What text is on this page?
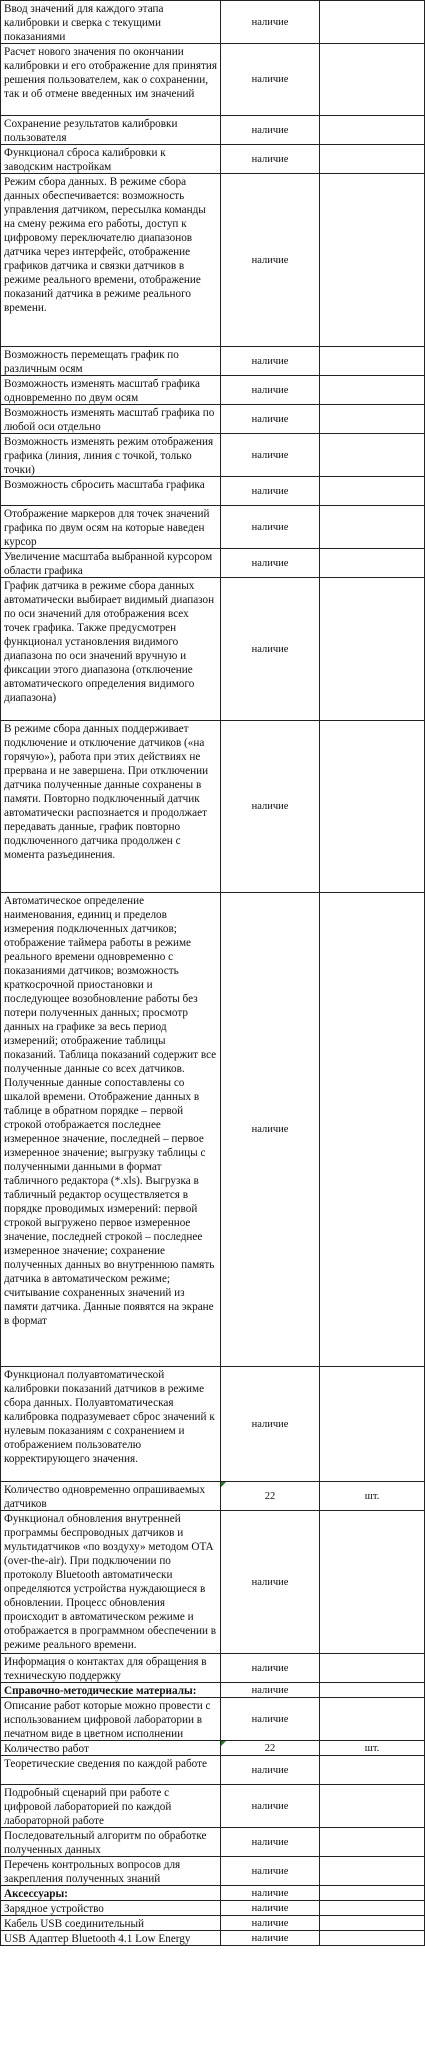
Ввод значений для каждого этапа калибровки и сверка с текущими показаниями	наличие	

Расчет нового значения по окончании калибровки и его отображение для принятия решения пользователем, как о сохранении, так и об отмене введенных им значений	наличие	

Сохранение результатов калибровки пользователя	наличие	

Функционал сброса калибровки к заводским настройкам	наличие	

Режим сбора данных. В режиме сбора данных обеспечивается: возможность управления датчиком, пересылка команды на смену режима его работы, доступ к цифровому переключателю диапазонов датчика через интерфейс, отображение графиков датчика и связки датчиков в режиме реального времени, отображение показаний датчика в режиме реального времени.	наличие	

Возможность перемещать график по различным осям	наличие	

Возможность изменять масштаб графика одновременно по двум осям	наличие	

Возможность изменять масштаб графика по любой оси отдельно	наличие	

Возможность изменять режим отображения графика (линия, линия с точкой, только точки)	наличие	

Возможность сбросить масштаба графика	наличие	

Отображение маркеров для точек значений графика по двум осям на которые наведен курсор	наличие	

Увеличение масштаба выбранной курсором области графика	наличие	

График датчика в режиме сбора данных автоматически выбирает видимый диапазон по оси значений для отображения всех точек графика. Также предусмотрен функционал установления видимого диапазона по оси значений вручную и фиксации этого диапазона (отключение автоматического определения видимого диапазона)	наличие	

В режиме сбора данных поддерживает подключение и отключение датчиков («на горячую»), работа при этих действиях не прервана и не завершена. При отключении датчика полученные данные сохранены в памяти. Повторно подключенный датчик автоматически распознается и продолжает передавать данные, график повторно подключенного датчика продолжен с момента разъединения.	наличие	

Автоматическое определение наименования, единиц и пределов измерения подключенных датчиков; отображение таймера работы в режиме реального времени одновременно с показаниями датчиков; возможность краткосрочной приостановки и последующее возобновление работы без потери полученных данных; просмотр данных на графике за весь период измерений; отображение таблицы показаний. Таблица показаний содержит все полученные данные со всех датчиков. Полученные данные сопоставлены со шкалой времени. Отображение данных в таблице в обратном порядке – первой строкой отображается последнее измеренное значение, последней – первое измеренное значение; выгрузку таблицы с полученными данными в формат табличного редактора (*.xls). Выгрузка в табличный редактор осуществляется в порядке проводимых измерений: первой строкой выгружено первое измеренное значение, последней строкой – последнее измеренное значение; сохранение полученных данных во внутреннюю память датчика в автоматическом режиме; считывание сохраненных значений из памяти датчика. Данные появятся на экране в формат	наличие	

Функционал полуавтоматической калибровки показаний датчиков в режиме сбора данных. Полуавтоматическая калибровка подразумевает сброс значений к нулевым показаниям с сохранением и отображением пользователю корректирующего значения.	наличие	

Количество одновременно опрашиваемых датчиков	22	шт.

Функционал обновления внутренней программы беспроводных датчиков и мультидатчиков «по воздуху» методом OTA (over-the-air). При подключении по протоколу Bluetooth автоматически определяются устройства нуждающиеся в обновлении. Процесс обновления происходит в автоматическом режиме и отображается в программном обеспечении в режиме реального времени.	наличие	

Информация о контактах для обращения в техническую поддержку	наличие	

Справочно-методические материалы:	наличие	

Описание работ которые можно провести с использованием цифровой лаборатории в печатном виде в цветном исполнении	наличие	

Количество работ	22	шт.

Теоретические сведения по каждой работе	наличие	

Подробный сценарий при работе с цифровой лабораторией по каждой лабораторной работе	наличие	

Последовательный алгоритм по обработке полученных данных	наличие	

Перечень контрольных вопросов для закрепления полученных знаний	наличие	

Аксессуары:	наличие	

Зарядное устройство	наличие	

Кабель USB соединительный	наличие	

USB Адаптер Bluetooth 4.1 Low Energy	наличие	
